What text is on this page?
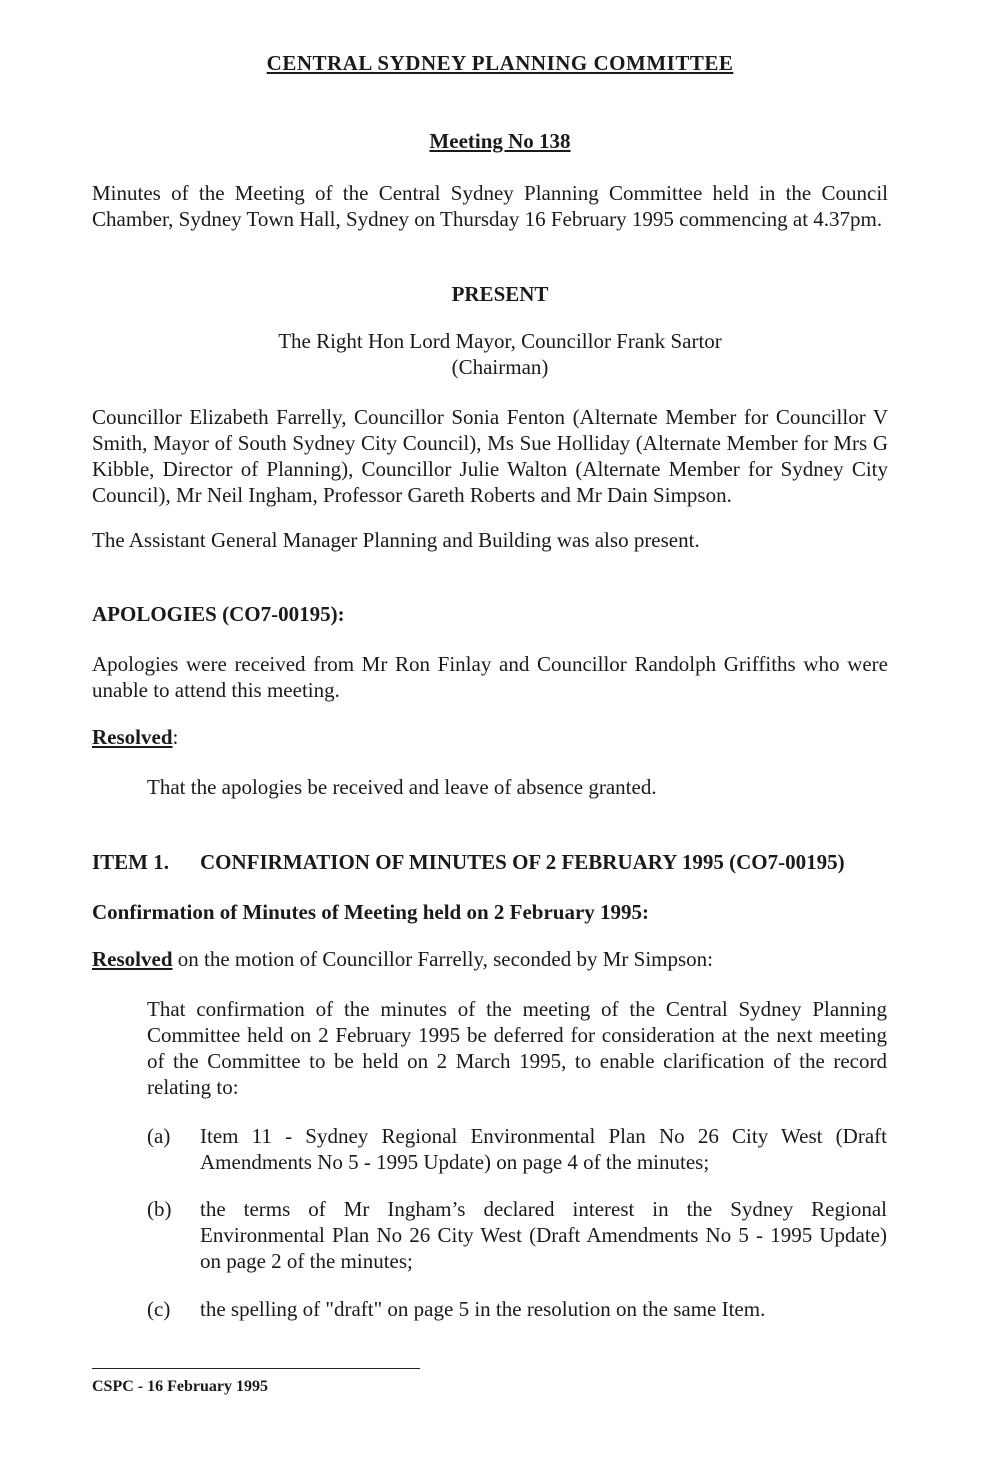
CENTRAL SYDNEY PLANNING COMMITTEE
Meeting No 138

Minutes of the Meeting of the Central Sydney Planning Committee held in the Council Chamber, Sydney Town Hall, Sydney on Thursday 16 February 1995 commencing at 4.37pm.

PRESENT
The Right Hon Lord Mayor, Councillor Frank Sartor
(Chairman)

Councillor Elizabeth Farrelly, Councillor Sonia Fenton (Alternate Member for Councillor V Smith, Mayor of South Sydney City Council), Ms Sue Holliday (Alternate Member for Mrs G Kibble, Director of Planning), Councillor Julie Walton (Alternate Member for Sydney City Council), Mr Neil Ingham, Professor Gareth Roberts and Mr Dain Simpson.

The Assistant General Manager Planning and Building was also present.

APOLOGIES (CO7-00195):

Apologies were received from Mr Ron Finlay and Councillor Randolph Griffiths who were unable to attend this meeting.

Resolved:

That the apologies be received and leave of absence granted.

ITEM 1. CONFIRMATION OF MINUTES OF 2 FEBRUARY 1995 (CO7-00195)
Confirmation of Minutes of Meeting held on 2 February 1995:
Resolved on the motion of Councillor Farrelly, seconded by Mr Simpson:

That confirmation of the minutes of the meeting of the Central Sydney Planning Committee held on 2 February 1995 be deferred for consideration at the next meeting of the Committee to be held on 2 March 1995, to enable clarification of the record relating to:

(a)	Item 11 - Sydney Regional Environmental Plan No 26 City West (Draft Amendments No 5 - 1995 Update) on page 4 of the minutes;

(b)	the terms of Mr Ingham’s declared interest in the Sydney Regional Environmental Plan No 26 City West (Draft Amendments No 5 - 1995 Update) on page 2 of the minutes;

(c)	the spelling of "draft" on page 5 in the resolution on the same Item.

CSPC - 16 February 1995
